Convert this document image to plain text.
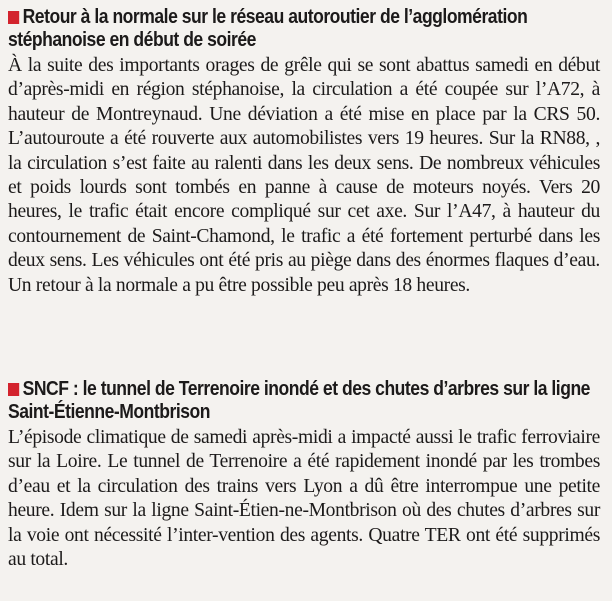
Retour à la normale sur le réseau autoroutier de l’agglomération stéphanoise en début de soirée

À la suite des importants orages de grêle qui se sont abattus samedi en début d’après-midi en région stéphanoise, la circulation a été coupée sur l’A72, à hauteur de Montreynaud. Une déviation a été mise en place par la CRS 50. L’autouroute a été rouverte aux automobilistes vers 19 heures. Sur la RN88, , la circulation s’est faite au ralenti dans les deux sens. De nombreux véhicules et poids lourds sont tombés en panne à cause de moteurs noyés. Vers 20 heures, le trafic était encore compliqué sur cet axe. Sur l’A47, à hauteur du contournement de Saint-Chamond, le trafic a été fortement perturbé dans les deux sens. Les véhicules ont été pris au piège dans des énormes flaques d’eau. Un retour à la normale a pu être possible peu après 18 heures.

SNCF : le tunnel de Terrenoire inondé et des chutes d’arbres sur la ligne Saint-Étienne-Montbrison

L’épisode climatique de samedi après-midi a impacté aussi le trafic ferroviaire sur la Loire. Le tunnel de Terrenoire a été rapidement inondé par les trombes d’eau et la circulation des trains vers Lyon a dû être interrompue une petite heure. Idem sur la ligne Saint-Étien-ne-Montbrison où des chutes d’arbres sur la voie ont nécessité l’inter-vention des agents. Quatre TER ont été supprimés au total.
